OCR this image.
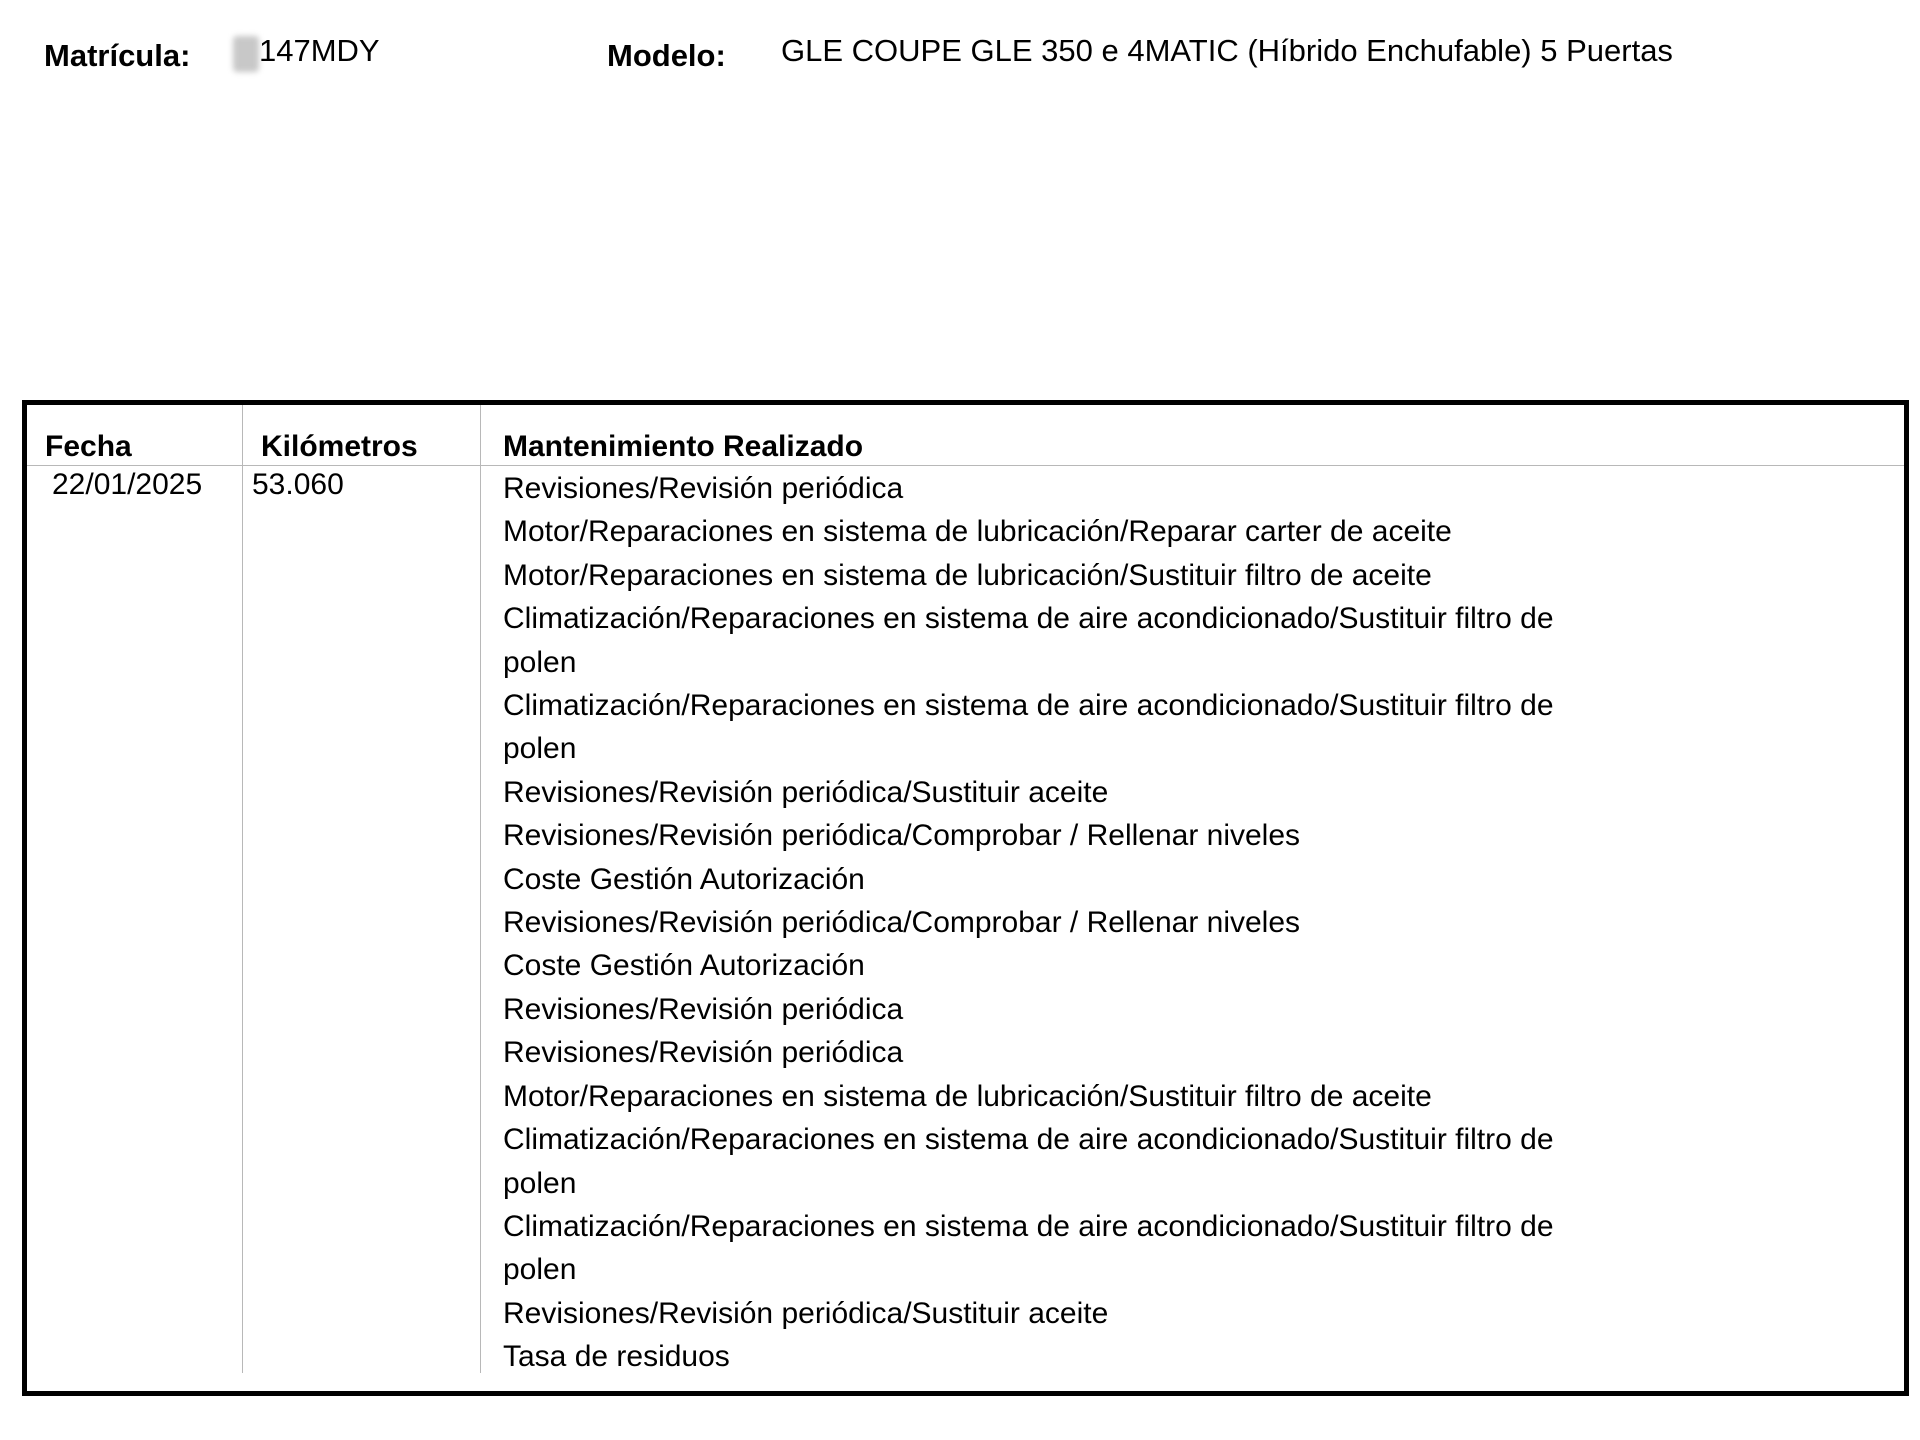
Matrícula: 147MDY	Modelo: GLE COUPE GLE 350 e 4MATIC (Híbrido Enchufable) 5 Puertas
Fecha	Kilómetros	Mantenimiento Realizado
22/01/2025 53.060	Revisiones/Revisión periódica
Motor/Reparaciones en sistema de lubricación/Reparar carter de aceite
Motor/Reparaciones en sistema de lubricación/Sustituir filtro de aceite
Climatización/Reparaciones en sistema de aire acondicionado/Sustituir filtro de
polen
Climatización/Reparaciones en sistema de aire acondicionado/Sustituir filtro de
polen
Revisiones/Revisión periódica/Sustituir aceite
Revisiones/Revisión periódica/Comprobar / Rellenar niveles
Coste Gestión Autorización
Revisiones/Revisión periódica/Comprobar / Rellenar niveles
Coste Gestión Autorización
Revisiones/Revisión periódica
Revisiones/Revisión periódica
Motor/Reparaciones en sistema de lubricación/Sustituir filtro de aceite
Climatización/Reparaciones en sistema de aire acondicionado/Sustituir filtro de
polen
Climatización/Reparaciones en sistema de aire acondicionado/Sustituir filtro de
polen
Revisiones/Revisión periódica/Sustituir aceite
Tasa de residuos
